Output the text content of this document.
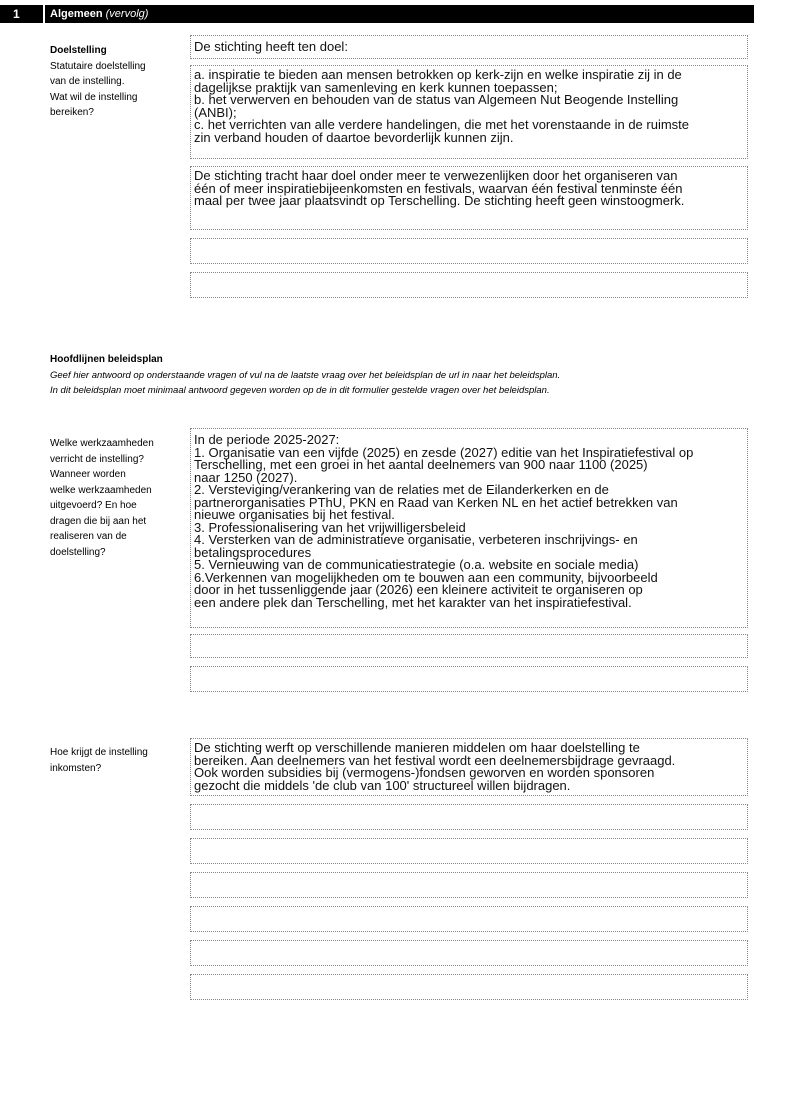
1	Algemeen (vervolg)
Doelstelling
Statutaire doelstelling
van de instelling.
Wat wil de instelling
bereiken?
De stichting heeft ten doel:
a. inspiratie te bieden aan mensen betrokken op kerk-zijn en welke inspiratie zij in de
dagelijkse praktijk van samenleving en kerk kunnen toepassen;
b. het verwerven en behouden van de status van Algemeen Nut Beogende Instelling
(ANBI);
c. het verrichten van alle verdere handelingen, die met het vorenstaande in de ruimste
zin verband houden of daartoe bevorderlijk kunnen zijn.
De stichting tracht haar doel onder meer te verwezenlijken door het organiseren van
één of meer inspiratiebijeenkomsten en festivals, waarvan één festival tenminste één
maal per twee jaar plaatsvindt op Terschelling. De stichting heeft geen winstoogmerk.
Hoofdlijnen beleidsplan
Geef hier antwoord op onderstaande vragen of vul na de laatste vraag over het beleidsplan de url in naar het beleidsplan.
In dit beleidsplan moet minimaal antwoord gegeven worden op de in dit formulier gestelde vragen over het beleidsplan.
Welke werkzaamheden
verricht de instelling?
Wanneer worden
welke werkzaamheden
uitgevoerd? En hoe
dragen die bij aan het
realiseren van de
doelstelling?
In de periode 2025-2027:
1. Organisatie van een vijfde (2025) en zesde (2027) editie van het Inspiratiefestival op
Terschelling, met een groei in het aantal deelnemers van 900 naar 1100 (2025)
naar 1250 (2027).
2. Versteviging/verankering van de relaties met de Eilanderkerken en de
partnerorganisaties PThU, PKN en Raad van Kerken NL en het actief betrekken van
nieuwe organisaties bij het festival.
3. Professionalisering van het vrijwilligersbeleid
4. Versterken van de administratieve organisatie, verbeteren inschrijvings- en
betalingsprocedures
5. Vernieuwing van de communicatiestrategie (o.a. website en sociale media)
6.Verkennen van mogelijkheden om te bouwen aan een community, bijvoorbeeld
door in het tussenliggende jaar (2026) een kleinere activiteit te organiseren op
een andere plek dan Terschelling, met het karakter van het inspiratiefestival.
Hoe krijgt de instelling
inkomsten?
De stichting werft op verschillende manieren middelen om haar doelstelling te
bereiken. Aan deelnemers van het festival wordt een deelnemersbijdrage gevraagd.
Ook worden subsidies bij (vermogens-)fondsen geworven en worden sponsoren
gezocht die middels 'de club van 100' structureel willen bijdragen.
